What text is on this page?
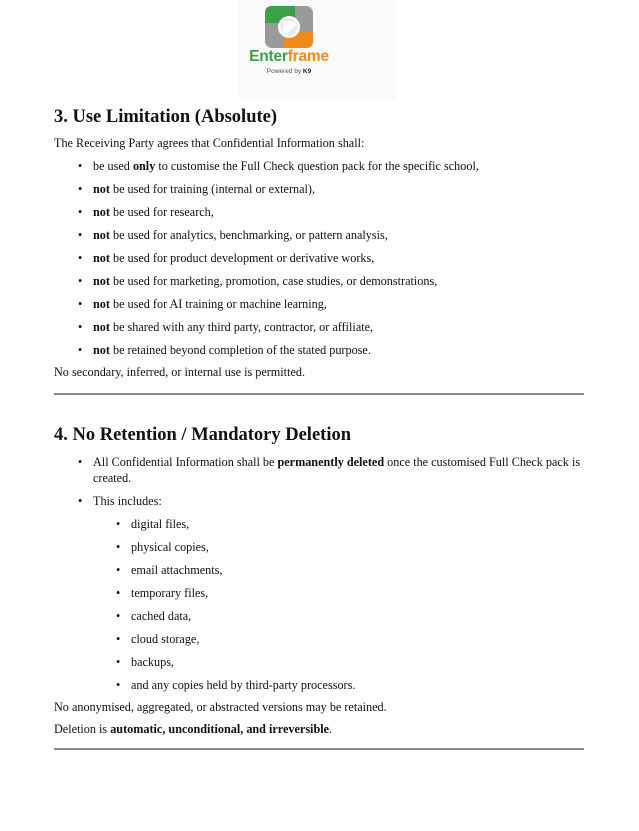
Enterframe
Powered by K9
3. Use Limitation (Absolute)
The Receiving Party agrees that Confidential Information shall:
• be used only to customise the Full Check question pack for the specific school,
• not be used for training (internal or external),
• not be used for research,
• not be used for analytics, benchmarking, or pattern analysis,
• not be used for product development or derivative works,
• not be used for marketing, promotion, case studies, or demonstrations,
• not be used for AI training or machine learning,
• not be shared with any third party, contractor, or affiliate,
• not be retained beyond completion of the stated purpose.
No secondary, inferred, or internal use is permitted.
4. No Retention / Mandatory Deletion
• All Confidential Information shall be permanently deleted once the customised Full Check pack is created.
• This includes:
• digital files,
• physical copies,
• email attachments,
• temporary files,
• cached data,
• cloud storage,
• backups,
• and any copies held by third-party processors.
No anonymised, aggregated, or abstracted versions may be retained.
Deletion is automatic, unconditional, and irreversible.
